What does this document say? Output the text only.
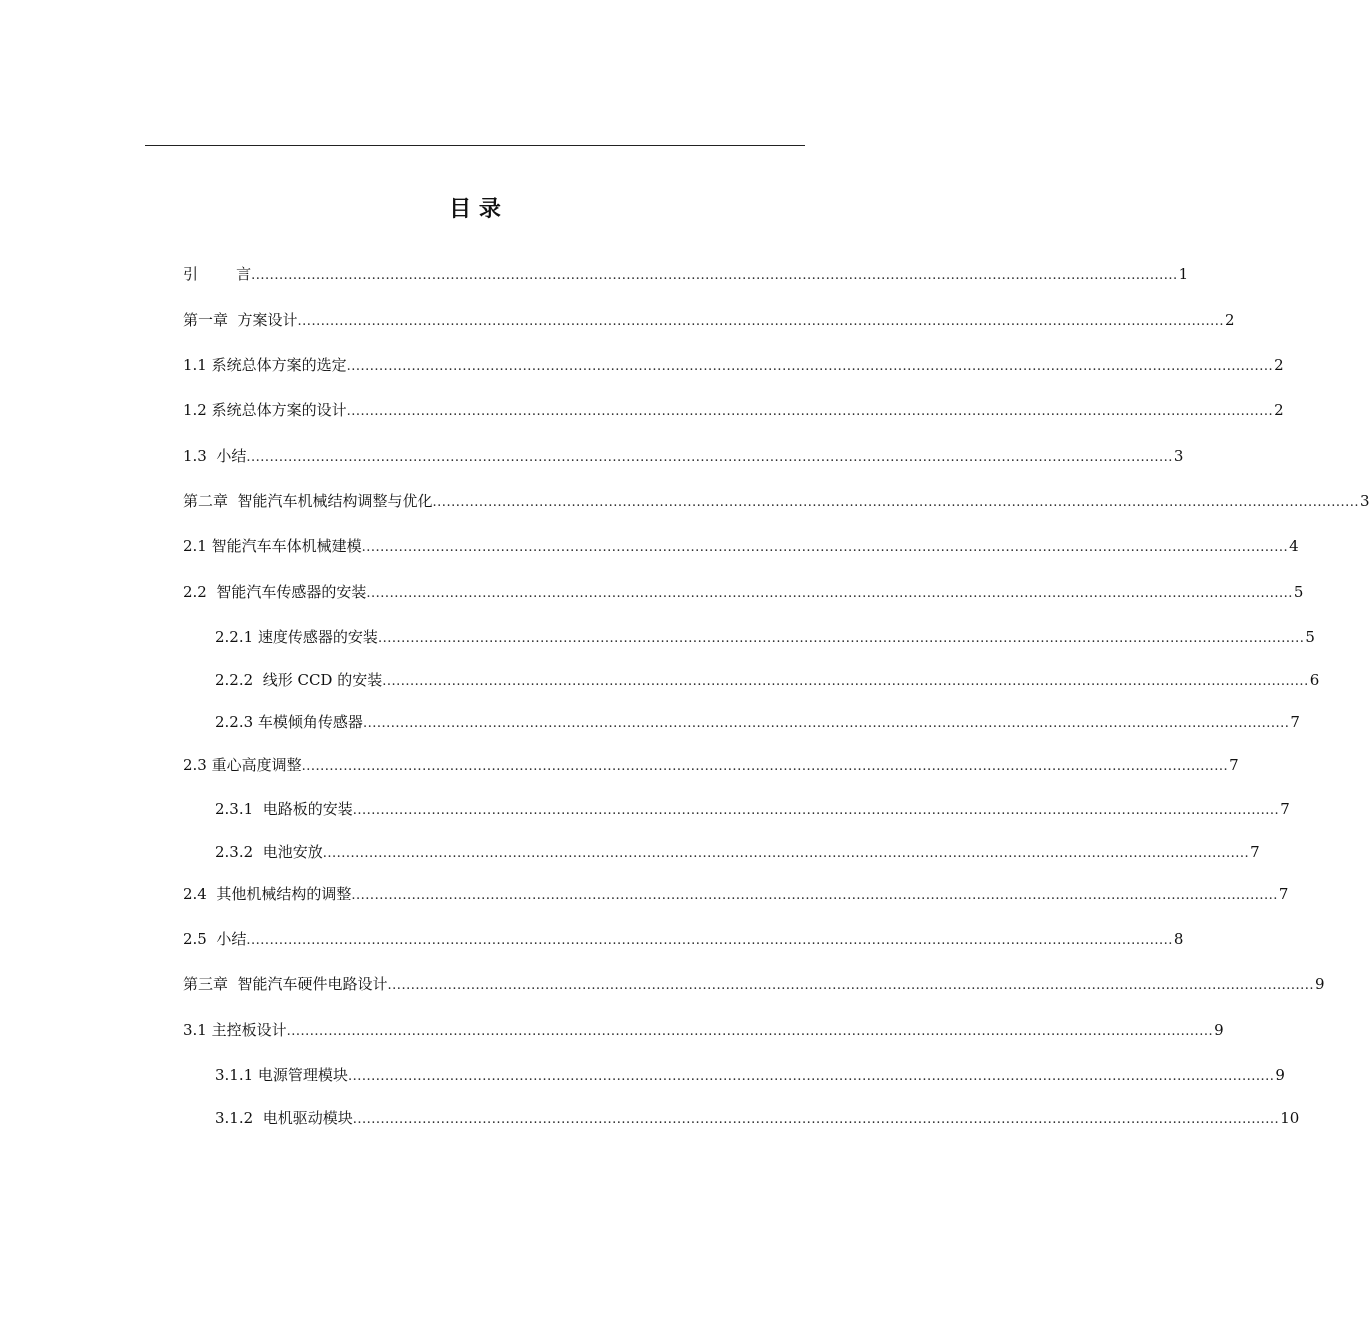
目 录
引        言 ........................................................................................................................................................................................................ 1
第一章  方案设计 ........................................................................................................................................................................................................ 2
1.1 系统总体方案的选定 ........................................................................................................................................................................................................ 2
1.2 系统总体方案的设计 ........................................................................................................................................................................................................ 2
1.3  小结 ........................................................................................................................................................................................................ 3
第二章  智能汽车机械结构调整与优化 ........................................................................................................................................................................................................ 3
2.1 智能汽车车体机械建模 ........................................................................................................................................................................................................ 4
2.2  智能汽车传感器的安装 ........................................................................................................................................................................................................ 5
2.2.1 速度传感器的安装 ........................................................................................................................................................................................................ 5
2.2.2  线形 CCD 的安装 ........................................................................................................................................................................................................ 6
2.2.3 车模倾角传感器 ........................................................................................................................................................................................................ 7
2.3 重心高度调整 ........................................................................................................................................................................................................ 7
2.3.1  电路板的安装 ........................................................................................................................................................................................................ 7
2.3.2  电池安放 ........................................................................................................................................................................................................ 7
2.4  其他机械结构的调整 ........................................................................................................................................................................................................ 7
2.5  小结 ........................................................................................................................................................................................................ 8
第三章  智能汽车硬件电路设计 ........................................................................................................................................................................................................ 9
3.1 主控板设计 ........................................................................................................................................................................................................ 9
3.1.1 电源管理模块 ........................................................................................................................................................................................................ 9
3.1.2  电机驱动模块 ........................................................................................................................................................................................................ 10
